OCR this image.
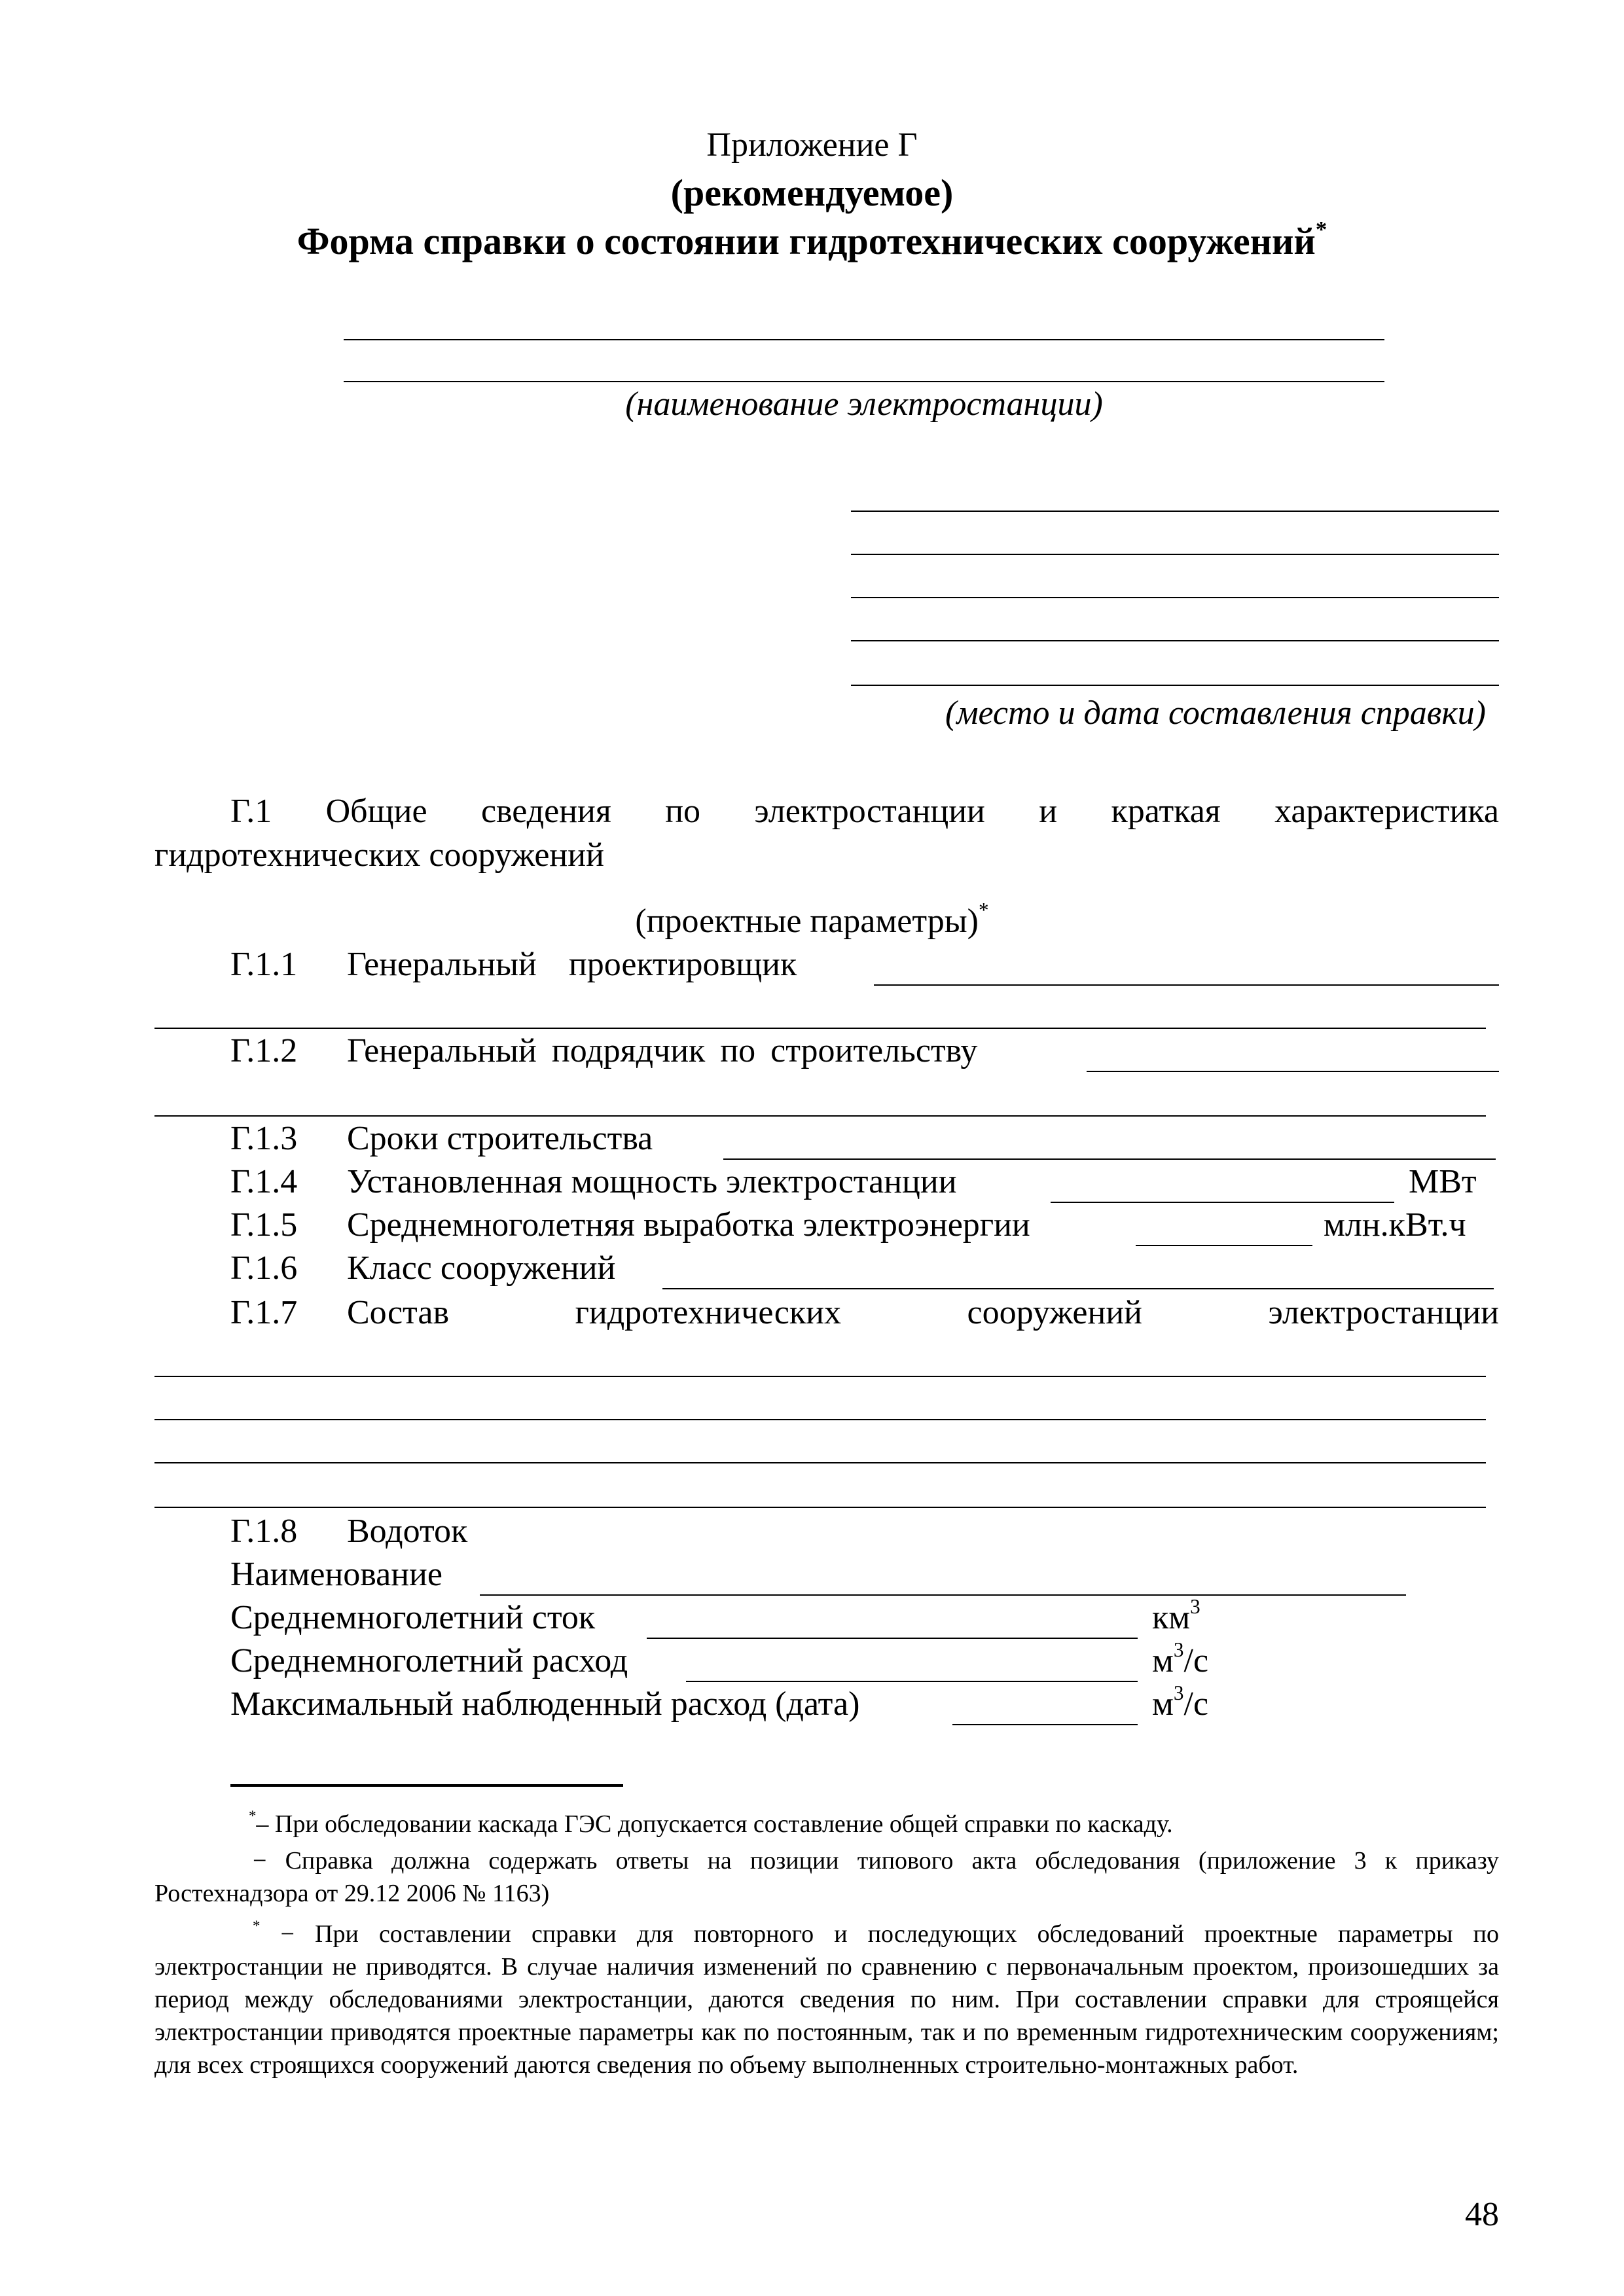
Приложение Г
(рекомендуемое)
Форма справки о состоянии гидротехнических сооружений*
(наименование электростанции)
(место и дата составления справки)
Г.1 Общие сведения по электростанции и краткая характеристика
гидротехнических сооружений
(проектные параметры)*
Г.1.1 Генеральный проектировщик
Г.1.2 Генеральный подрядчик по строительству
Г.1.3 Сроки строительства
Г.1.4 Установленная мощность электростанции	МВт
Г.1.5 Среднемноголетняя выработка электроэнергии	млн.кВт.ч
Г.1.6 Класс сооружений
Г.1.7 Состав гидротехнических сооружений электростанции
Г.1.8 Водоток
Наименование
Среднемноголетний сток	$км^3$
Среднемноголетний расход	$м^3/с$
Максимальный наблюденный расход (дата)	$м^3/с$
*– При обследовании каскада ГЭС допускается составление общей справки по каскаду.
− Справка должна содержать ответы на позиции типового акта обследования (приложение 3 к приказу Ростехнадзора от 29.12 2006 № 1163)
* − При составлении справки для повторного и последующих обследований проектные параметры по электростанции не приводятся. В случае наличия изменений по сравнению с первоначальным проектом, произошедших за период между обследованиями электростанции, даются сведения по ним. При составлении справки для строящейся электростанции приводятся проектные параметры как по постоянным, так и по временным гидротехническим сооружениям; для всех строящихся сооружений даются сведения по объему выполненных строительно-монтажных работ.
48
